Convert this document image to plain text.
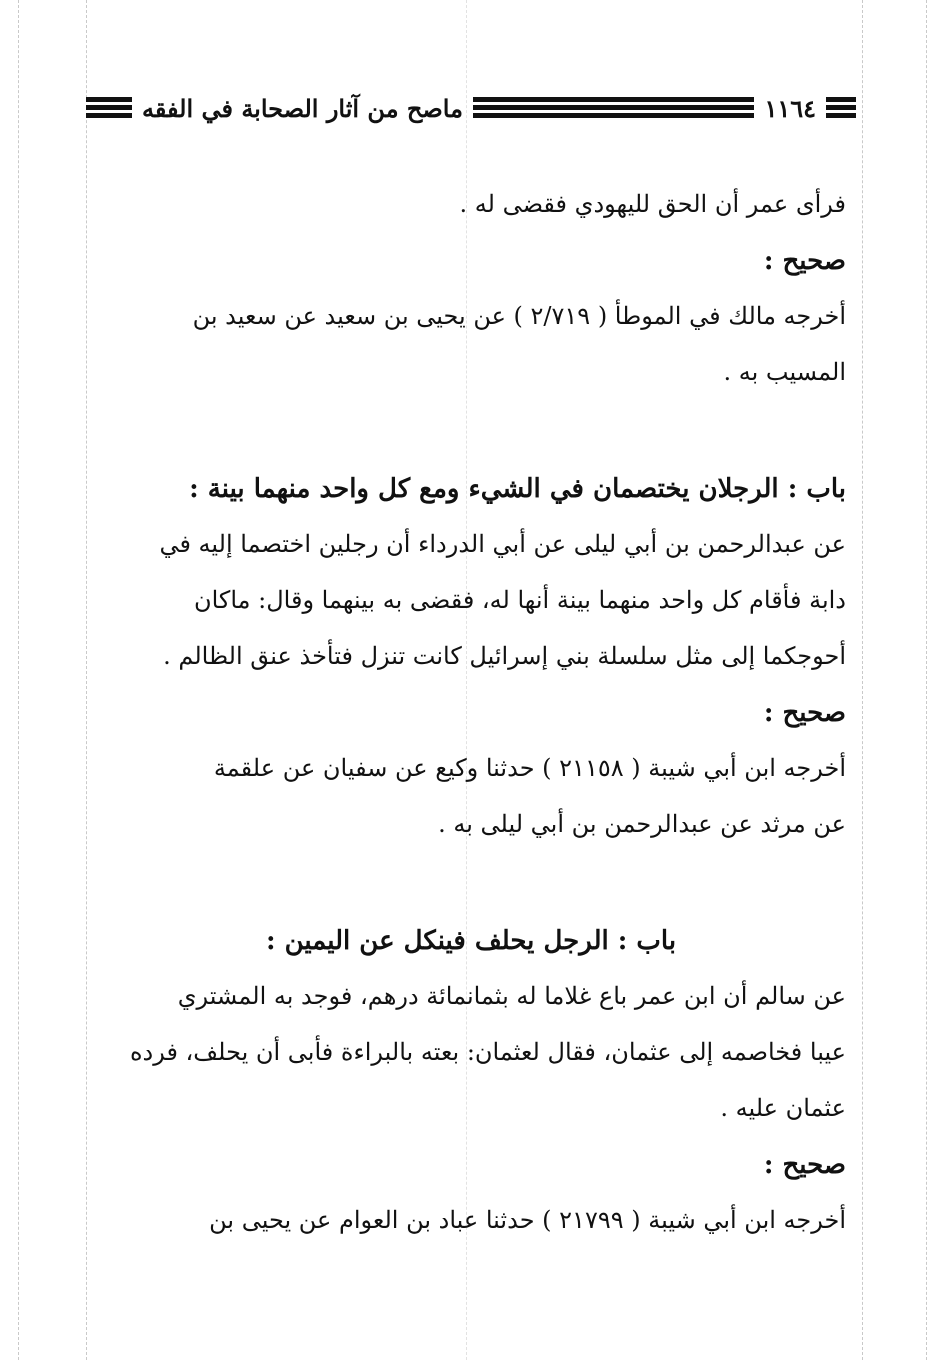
١١٦٤
ماصح من آثار الصحابة في الفقه
فرأى عمر أن الحق لليهودي فقضى له .
صحيح :
أخرجه مالك في الموطأ ( ٢/٧١٩ ) عن يحيى بن سعيد عن سعيد بن
المسيب به .
باب : الرجلان يختصمان في الشيء ومع كل واحد منهما بينة :
عن عبدالرحمن بن أبي ليلى عن أبي الدرداء أن رجلين اختصما إليه في
دابة فأقام كل واحد منهما بينة أنها له، فقضى به بينهما وقال: ماكان
أحوجكما إلى مثل سلسلة بني إسرائيل كانت تنزل فتأخذ عنق الظالم .
صحيح :
أخرجه ابن أبي شيبة ( ٢١١٥٨ ) حدثنا وكيع عن سفيان عن علقمة
عن مرثد عن عبدالرحمن بن أبي ليلى به .
باب : الرجل يحلف فينكل عن اليمين :
عن سالم أن ابن عمر باع غلاما له بثمانمائة درهم، فوجد به المشتري
عيبا فخاصمه إلى عثمان، فقال لعثمان: بعته بالبراءة فأبى أن يحلف، فرده
عثمان عليه .
صحيح :
أخرجه ابن أبي شيبة ( ٢١٧٩٩ ) حدثنا عباد بن العوام عن يحيى بن
